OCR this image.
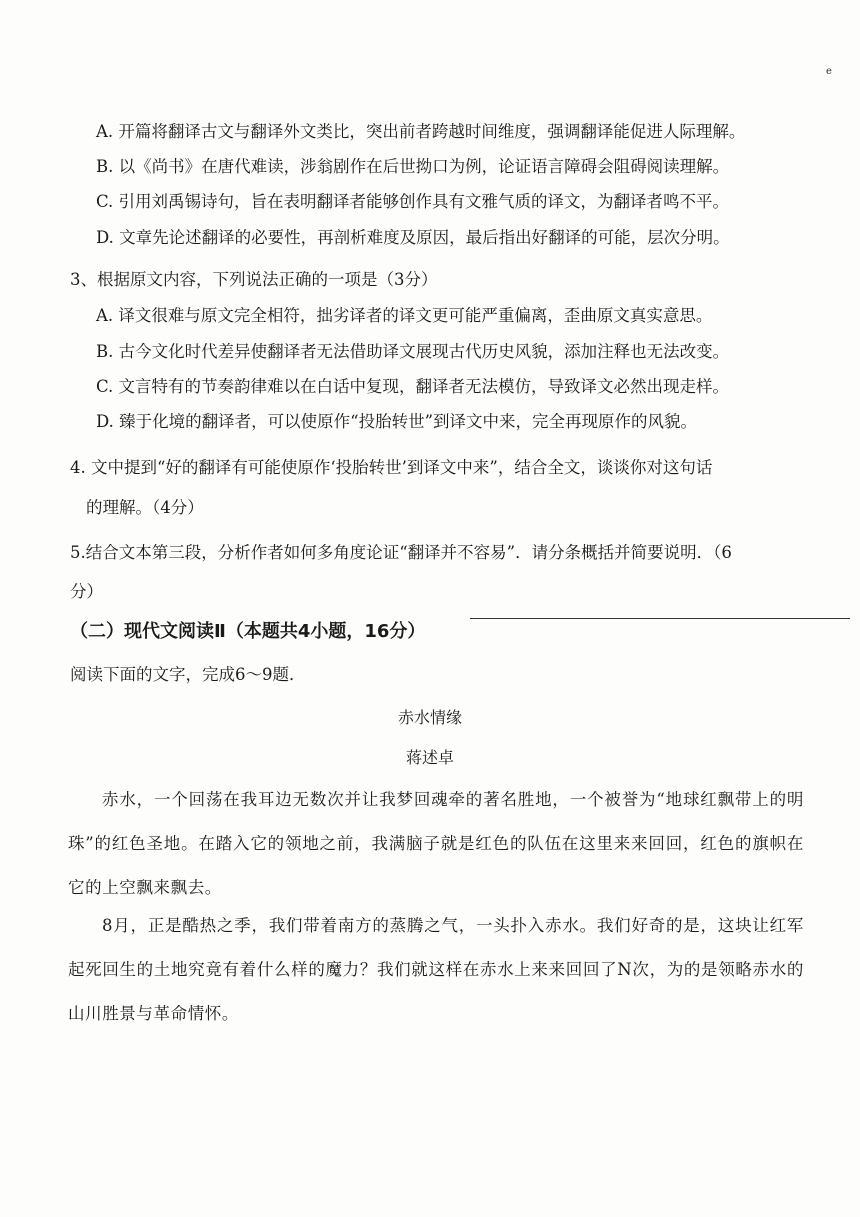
e
A. 开篇将翻译古文与翻译外文类比，突出前者跨越时间维度，强调翻译能促进人际理解。
B. 以《尚书》在唐代难读，涉翁剧作在后世拗口为例，论证语言障碍会阻碍阅读理解。
C. 引用刘禹锡诗句，旨在表明翻译者能够创作具有文雅气质的译文，为翻译者鸣不平。
D. 文章先论述翻译的必要性，再剖析难度及原因，最后指出好翻译的可能，层次分明。
3、根据原文内容，下列说法正确的一项是（3分）
A. 译文很难与原文完全相符，拙劣译者的译文更可能严重偏离，歪曲原文真实意思。
B. 古今文化时代差异使翻译者无法借助译文展现古代历史风貌，添加注释也无法改变。
C. 文言特有的节奏韵律难以在白话中复现，翻译者无法模仿，导致译文必然出现走样。
D. 臻于化境的翻译者，可以使原作“投胎转世”到译文中来，完全再现原作的风貌。
4. 文中提到“好的翻译有可能使原作‘投胎转世’到译文中来”，结合全文，谈谈你对这句话
的理解。（4分）
5.结合文本第三段，分析作者如何多角度论证“翻译并不容易”．请分条概括并简要说明．（6
分）
（二）现代文阅读Ⅱ（本题共4小题，16分）
阅读下面的文字，完成6～9题．
赤水情缘
蒋述卓
赤水，一个回荡在我耳边无数次并让我梦回魂牵的著名胜地，一个被誉为“地球红飘带上的明珠”的红色圣地。在踏入它的领地之前，我满脑子就是红色的队伍在这里来来回回，红色的旗帜在它的上空飘来飘去。
8月，正是酷热之季，我们带着南方的蒸腾之气，一头扑入赤水。我们好奇的是，这块让红军起死回生的土地究竟有着什么样的魔力？我们就这样在赤水上来来回回了N次，为的是领略赤水的山川胜景与革命情怀。
